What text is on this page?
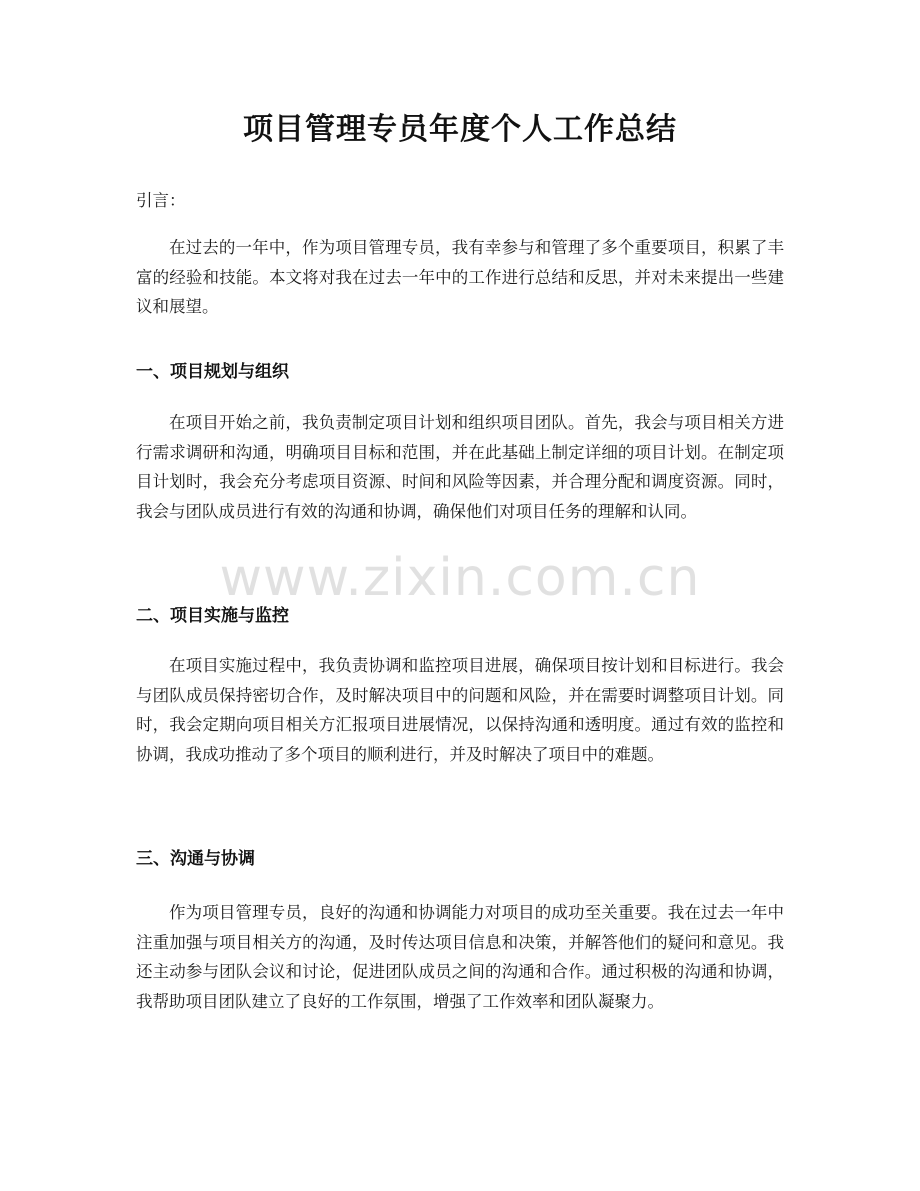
项目管理专员年度个人工作总结

引言：

在过去的一年中，作为项目管理专员，我有幸参与和管理了多个重要项目，积累了丰富的经验和技能。本文将对我在过去一年中的工作进行总结和反思，并对未来提出一些建议和展望。

一、项目规划与组织

在项目开始之前，我负责制定项目计划和组织项目团队。首先，我会与项目相关方进行需求调研和沟通，明确项目目标和范围，并在此基础上制定详细的项目计划。在制定项目计划时，我会充分考虑项目资源、时间和风险等因素，并合理分配和调度资源。同时，我会与团队成员进行有效的沟通和协调，确保他们对项目任务的理解和认同。

二、项目实施与监控

在项目实施过程中，我负责协调和监控项目进展，确保项目按计划和目标进行。我会与团队成员保持密切合作，及时解决项目中的问题和风险，并在需要时调整项目计划。同时，我会定期向项目相关方汇报项目进展情况，以保持沟通和透明度。通过有效的监控和协调，我成功推动了多个项目的顺利进行，并及时解决了项目中的难题。

三、沟通与协调

作为项目管理专员，良好的沟通和协调能力对项目的成功至关重要。我在过去一年中注重加强与项目相关方的沟通，及时传达项目信息和决策，并解答他们的疑问和意见。我还主动参与团队会议和讨论，促进团队成员之间的沟通和合作。通过积极的沟通和协调，我帮助项目团队建立了良好的工作氛围，增强了工作效率和团队凝聚力。

www.zixin.com.cn
